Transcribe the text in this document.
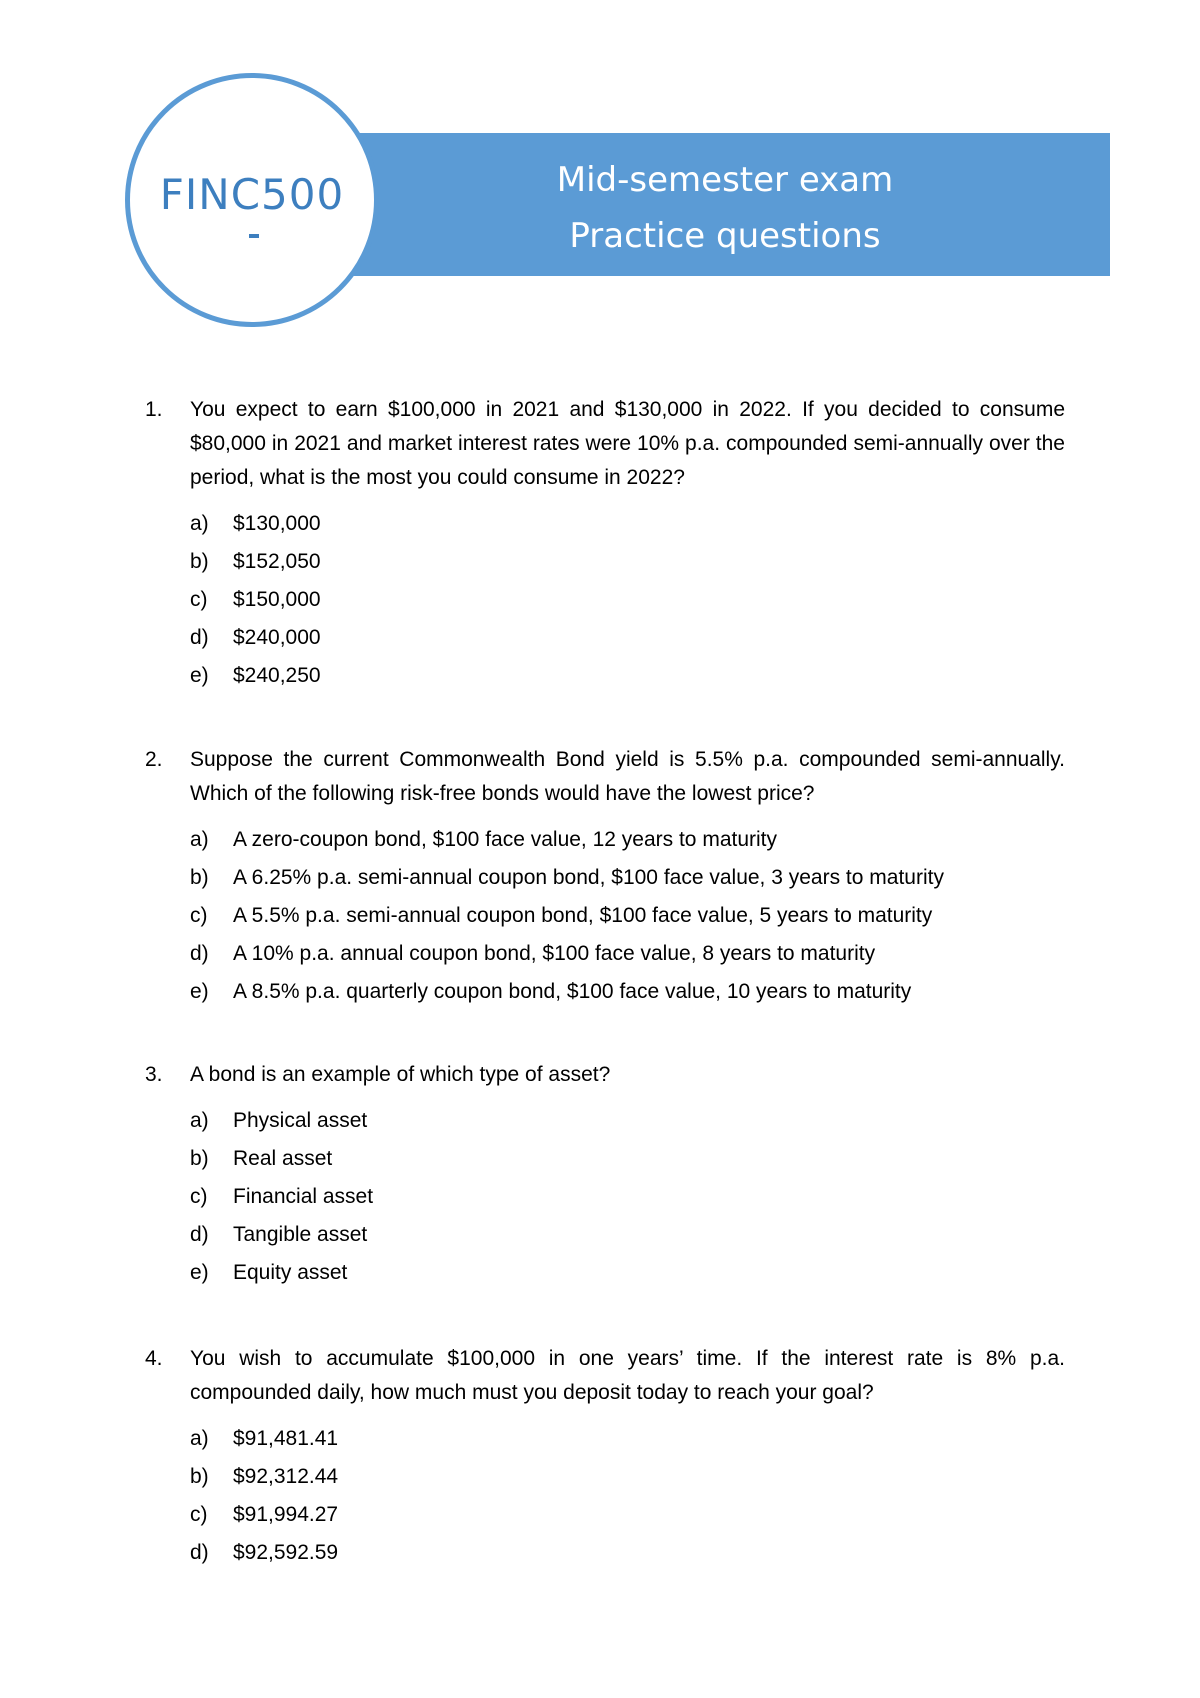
Mid-semester exam
Practice questions
FINC500
1. You expect to earn $100,000 in 2021 and $130,000 in 2022. If you decided to consume $80,000 in 2021 and market interest rates were 10% p.a. compounded semi-annually over the period, what is the most you could consume in 2022?
a) $130,000
b) $152,050
c) $150,000
d) $240,000
e) $240,250
2. Suppose the current Commonwealth Bond yield is 5.5% p.a. compounded semi-annually. Which of the following risk-free bonds would have the lowest price?
a) A zero-coupon bond, $100 face value, 12 years to maturity
b) A 6.25% p.a. semi-annual coupon bond, $100 face value, 3 years to maturity
c) A 5.5% p.a. semi-annual coupon bond, $100 face value, 5 years to maturity
d) A 10% p.a. annual coupon bond, $100 face value, 8 years to maturity
e) A 8.5% p.a. quarterly coupon bond, $100 face value, 10 years to maturity
3. A bond is an example of which type of asset?
a) Physical asset
b) Real asset
c) Financial asset
d) Tangible asset
e) Equity asset
4. You wish to accumulate $100,000 in one years’ time. If the interest rate is 8% p.a. compounded daily, how much must you deposit today to reach your goal?
a) $91,481.41
b) $92,312.44
c) $91,994.27
d) $92,592.59
